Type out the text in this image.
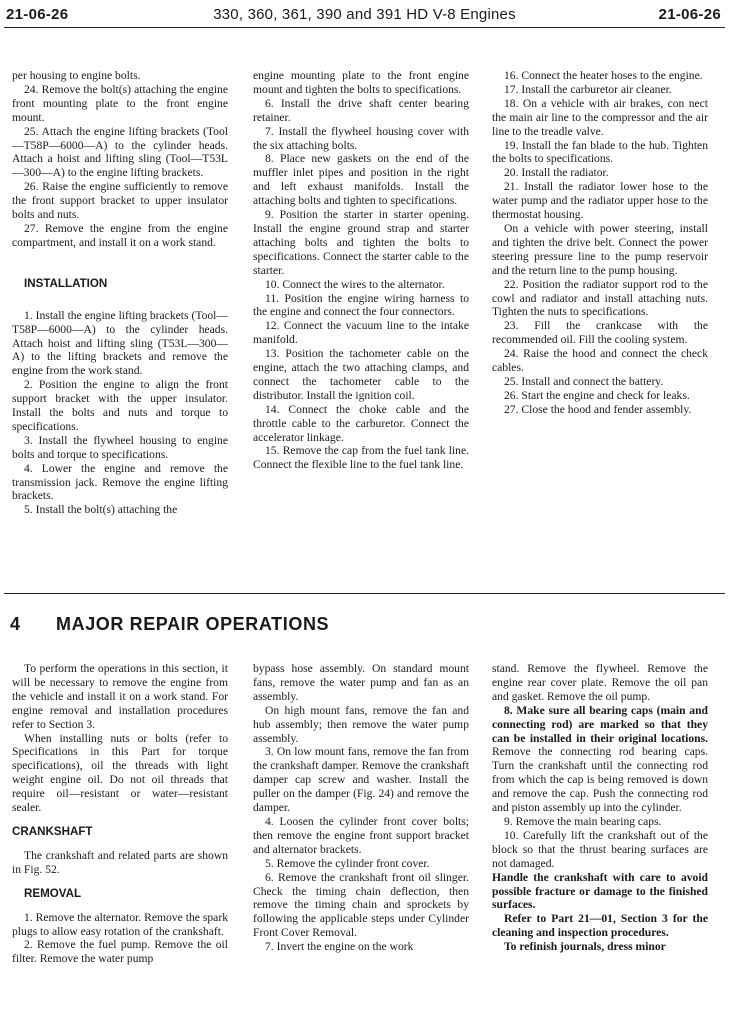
21-06-26	330, 360, 361, 390 and 391 HD V-8 Engines	21-06-26

per housing to engine bolts.

24. Remove the bolt(s) attaching the engine front mounting plate to the front engine mount.

25. Attach the engine lifting brackets (Tool—T58P—6000—A) to the cylinder heads. Attach a hoist and lifting sling (Tool—T53L—300—A) to the engine lifting brackets.

26. Raise the engine sufficiently to remove the front support bracket to upper insulator bolts and nuts.

27. Remove the engine from the engine compartment, and install it on a work stand.

INSTALLATION

1. Install the engine lifting brackets (Tool—T58P—6000—A) to the cylinder heads. Attach hoist and lifting sling (T53L—300—A) to the lifting brackets and remove the engine from the work stand.

2. Position the engine to align the front support bracket with the upper insulator. Install the bolts and nuts and torque to specifications.

3. Install the flywheel housing to engine bolts and torque to specifications.

4. Lower the engine and remove the transmission jack. Remove the engine lifting brackets.

5. Install the bolt(s) attaching the

engine mounting plate to the front engine mount and tighten the bolts to specifications.

6. Install the drive shaft center bearing retainer.

7. Install the flywheel housing cover with the six attaching bolts.

8. Place new gaskets on the end of the muffler inlet pipes and position in the right and left exhaust manifolds. Install the attaching bolts and tighten to specifications.

9. Position the starter in starter opening. Install the engine ground strap and starter attaching bolts and tighten the bolts to specifications. Connect the starter cable to the starter.

10. Connect the wires to the alternator.

11. Position the engine wiring harness to the engine and connect the four connectors.

12. Connect the vacuum line to the intake manifold.

13. Position the tachometer cable on the engine, attach the two attaching clamps, and connect the tachometer cable to the distributor. Install the ignition coil.

14. Connect the choke cable and the throttle cable to the carburetor. Connect the accelerator linkage.

15. Remove the cap from the fuel tank line. Connect the flexible line to the fuel tank line.

16. Connect the heater hoses to the engine.

17. Install the carburetor air cleaner.

18. On a vehicle with air brakes, con nect the main air line to the compressor and the air line to the treadle valve.

19. Install the fan blade to the hub. Tighten the bolts to specifications.

20. Install the radiator.

21. Install the radiator lower hose to the water pump and the radiator upper hose to the thermostat housing.

On a vehicle with power steering, install and tighten the drive belt. Connect the power steering pressure line to the pump reservoir and the return line to the pump housing.

22. Position the radiator support rod to the cowl and radiator and install attaching nuts. Tighten the nuts to specifications.

23. Fill the crankcase with the recommended oil. Fill the cooling system.

24. Raise the hood and connect the check cables.

25. Install and connect the battery.

26. Start the engine and check for leaks.

27. Close the hood and fender assembly.

4 MAJOR REPAIR OPERATIONS

To perform the operations in this section, it will be necessary to remove the engine from the vehicle and install it on a work stand. For engine removal and installation procedures refer to Section 3.

When installing nuts or bolts (refer to Specifications in this Part for torque specifications), oil the threads with light weight engine oil. Do not oil threads that require oil—resistant or water—resistant sealer.

CRANKSHAFT

The crankshaft and related parts are shown in Fig. 52.

REMOVAL

1. Remove the alternator. Remove the spark plugs to allow easy rotation of the crankshaft.

2. Remove the fuel pump. Remove the oil filter. Remove the water pump

bypass hose assembly. On standard mount fans, remove the water pump and fan as an assembly.

On high mount fans, remove the fan and hub assembly; then remove the water pump assembly.

3. On low mount fans, remove the fan from the crankshaft damper. Remove the crankshaft damper cap screw and washer. Install the puller on the damper (Fig. 24) and remove the damper.

4. Loosen the cylinder front cover bolts; then remove the engine front support bracket and alternator brackets.

5. Remove the cylinder front cover.

6. Remove the crankshaft front oil slinger. Check the timing chain deflection, then remove the timing chain and sprockets by following the applicable steps under Cylinder Front Cover Removal.

7. Invert the engine on the work

stand. Remove the flywheel. Remove the engine rear cover plate. Remove the oil pan and gasket. Remove the oil pump.

8. Make sure all bearing caps (main and connecting rod) are marked so that they can be installed in their original locations. Remove the connecting rod bearing caps. Turn the crankshaft until the connecting rod from which the cap is being removed is down and remove the cap. Push the connecting rod and piston assembly up into the cylinder.

9. Remove the main bearing caps.

10. Carefully lift the crankshaft out of the block so that the thrust bearing surfaces are not damaged.

Handle the crankshaft with care to avoid possible fracture or damage to the finished surfaces.

Refer to Part 21—01, Section 3 for the cleaning and inspection procedures.

To refinish journals, dress minor
